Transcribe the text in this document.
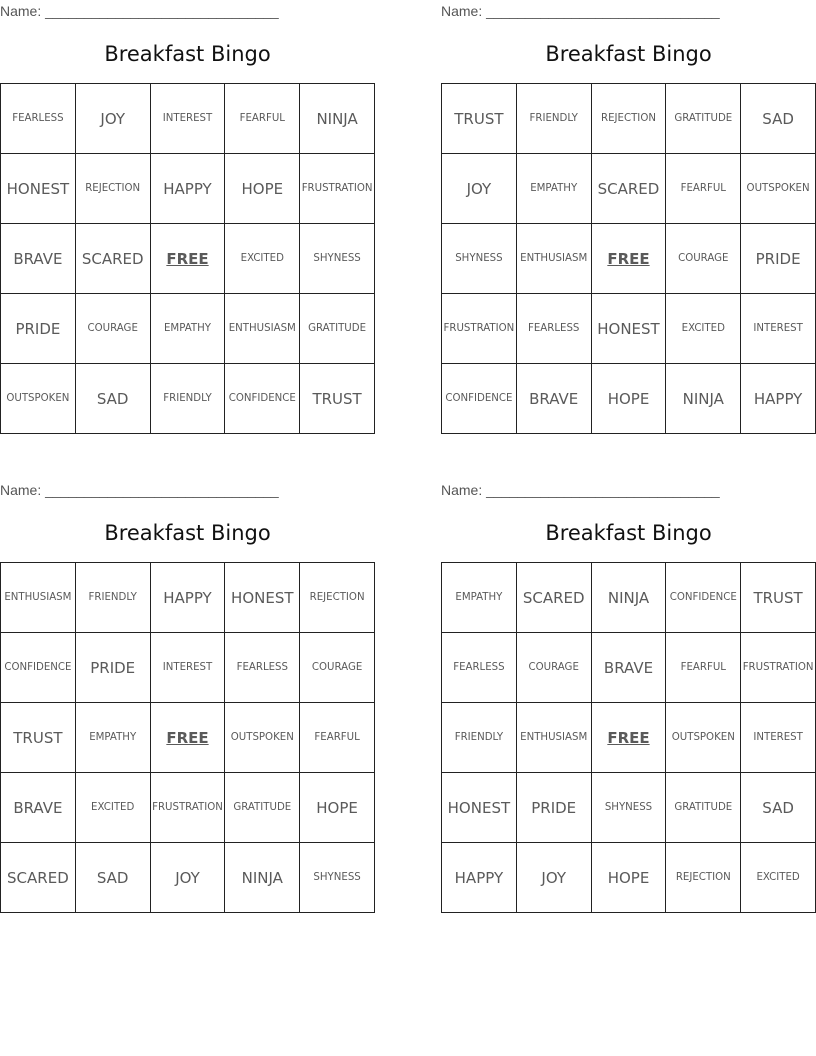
Name: ______________________________
Breakfast Bingo
FEARLESS	JOY	INTEREST	FEARFUL	NINJA
HONEST	REJECTION	HAPPY	HOPE	FRUSTRATION
BRAVE	SCARED	FREE	EXCITED	SHYNESS
PRIDE	COURAGE	EMPATHY	ENTHUSIASM	GRATITUDE
OUTSPOKEN	SAD	FRIENDLY	CONFIDENCE	TRUST
Name: ______________________________
Breakfast Bingo
TRUST	FRIENDLY	REJECTION	GRATITUDE	SAD
JOY	EMPATHY	SCARED	FEARFUL	OUTSPOKEN
SHYNESS	ENTHUSIASM	FREE	COURAGE	PRIDE
FRUSTRATION	FEARLESS	HONEST	EXCITED	INTEREST
CONFIDENCE	BRAVE	HOPE	NINJA	HAPPY
Name: ______________________________
Breakfast Bingo
ENTHUSIASM	FRIENDLY	HAPPY	HONEST	REJECTION
CONFIDENCE	PRIDE	INTEREST	FEARLESS	COURAGE
TRUST	EMPATHY	FREE	OUTSPOKEN	FEARFUL
BRAVE	EXCITED	FRUSTRATION	GRATITUDE	HOPE
SCARED	SAD	JOY	NINJA	SHYNESS
Name: ______________________________
Breakfast Bingo
EMPATHY	SCARED	NINJA	CONFIDENCE	TRUST
FEARLESS	COURAGE	BRAVE	FEARFUL	FRUSTRATION
FRIENDLY	ENTHUSIASM	FREE	OUTSPOKEN	INTEREST
HONEST	PRIDE	SHYNESS	GRATITUDE	SAD
HAPPY	JOY	HOPE	REJECTION	EXCITED
